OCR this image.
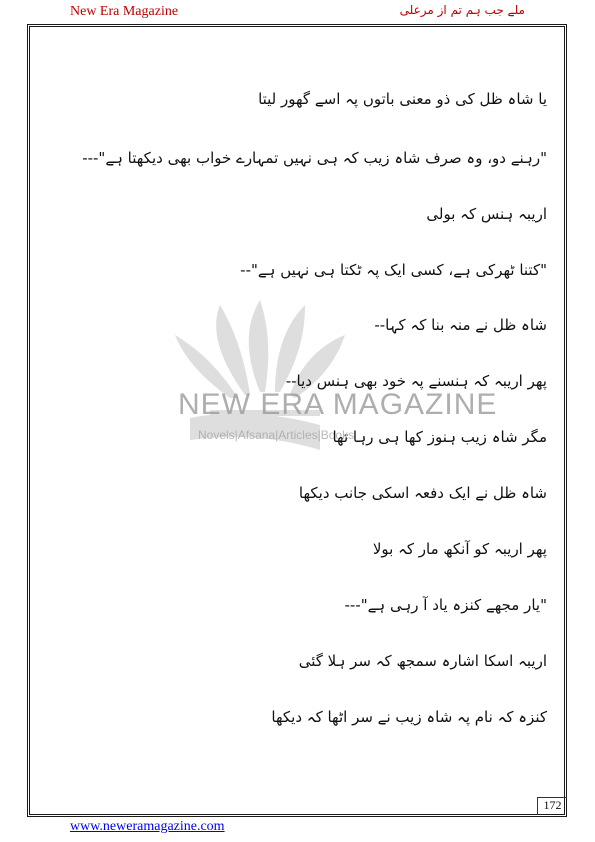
New Era Magazine	ملے جب ہم تم از مرعلی
NEW ERA MAGAZINE
Novels|Afsana|Articles|Books
یا شاہ ظل کی ذو معنی باتوں پہ اسے گھور لیتا
"رہنے دو، وہ صرف شاہ زیب کہ ہی نہیں تمہارے خواب بھی دیکھتا ہے"---
اریبہ ہنس کہ بولی
"کتنا ٹھرکی ہے، کسی ایک پہ ٹکتا ہی نہیں ہے"--
شاہ ظل نے منہ بنا کہ کہا--
پھر اریبہ کہ ہنسنے پہ خود بھی ہنس دیا--
مگر شاہ زیب ہنوز کھا ہی رہا تھا
شاہ ظل نے ایک دفعہ اسکی جانب دیکھا
پھر اریبہ کو آنکھ مار کہ بولا
"یار مجھے کنزہ یاد آ رہی ہے"---
اریبہ اسکا اشارہ سمجھ کہ سر ہلا گئی
کنزہ کہ نام پہ شاہ زیب نے سر اٹھا کہ دیکھا
172
www.neweramagazine.com
